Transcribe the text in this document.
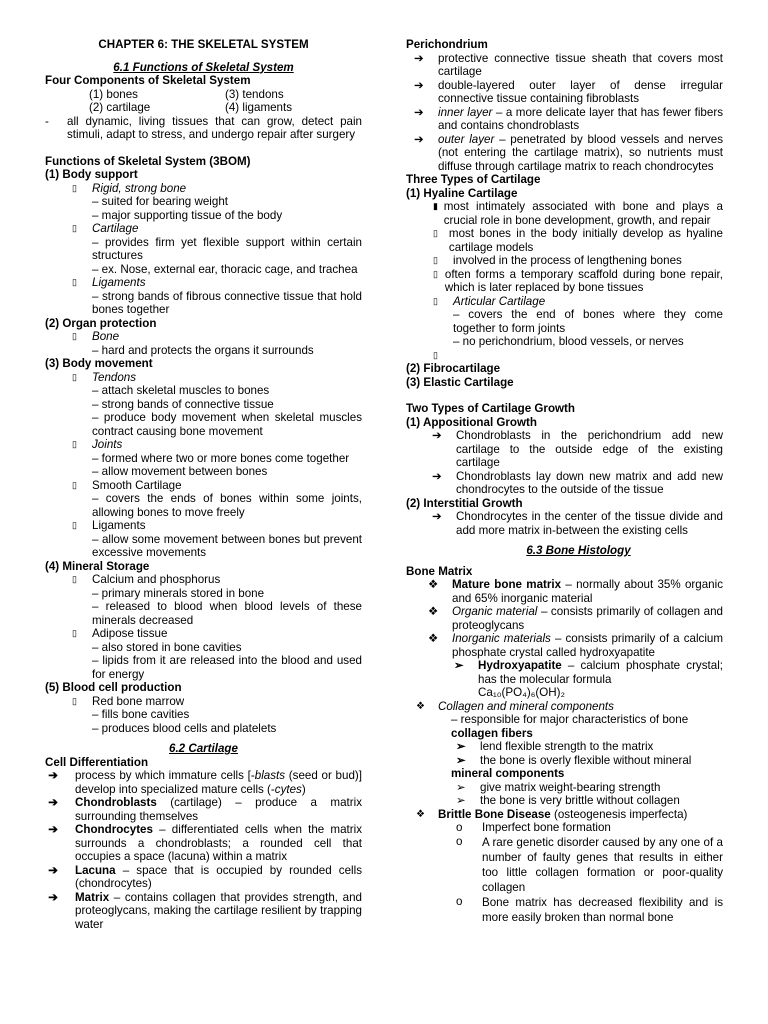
CHAPTER 6: THE SKELETAL SYSTEM
6.1 Functions of Skeletal System
Four Components of Skeletal System
(1) bones	(3) tendons
(2) cartilage	(4) ligaments
-	all dynamic, living tissues that can grow, detect pain stimuli, adapt to stress, and undergo repair after surgery
Functions of Skeletal System (3BOM)
(1) Body support
▯	Rigid, strong bone
– suited for bearing weight
– major supporting tissue of the body
▯	Cartilage
– provides firm yet flexible support within certain structures
– ex. Nose, external ear, thoracic cage, and trachea
▯	Ligaments
– strong bands of fibrous connective tissue that hold bones together
(2) Organ protection
▯	Bone
– hard and protects the organs it surrounds
(3) Body movement
▯	Tendons
– attach skeletal muscles to bones
– strong bands of connective tissue
– produce body movement when skeletal muscles contract causing bone movement
▯	Joints
– formed where two or more bones come together
– allow movement between bones
▯	Smooth Cartilage
– covers the ends of bones within some joints, allowing bones to move freely
▯	Ligaments
– allow some movement between bones but prevent excessive movements
(4) Mineral Storage
▯	Calcium and phosphorus
– primary minerals stored in bone
– released to blood when blood levels of these minerals decreased
▯	Adipose tissue
– also stored in bone cavities
– lipids from it are released into the blood and used for energy
(5) Blood cell production
▯	Red bone marrow
– fills bone cavities
– produces blood cells and platelets
6.2 Cartilage
Cell Differentiation
➔	process by which immature cells [-blasts (seed or bud)] develop into specialized mature cells (-cytes)
➔	Chondroblasts (cartilage) – produce a matrix surrounding themselves
➔	Chondrocytes – differentiated cells when the matrix surrounds a chondroblasts; a rounded cell that occupies a space (lacuna) within a matrix
➔	Lacuna – space that is occupied by rounded cells (chondrocytes)
➔	Matrix – contains collagen that provides strength, and proteoglycans, making the cartilage resilient by trapping water
Perichondrium
➔	protective connective tissue sheath that covers most cartilage
➔	double-layered outer layer of dense irregular connective tissue containing fibroblasts
➔	inner layer – a more delicate layer that has fewer fibers and contains chondroblasts
➔	outer layer – penetrated by blood vessels and nerves (not entering the cartilage matrix), so nutrients must diffuse through cartilage matrix to reach chondrocytes
Three Types of Cartilage
(1) Hyaline Cartilage
▮ most intimately associated with bone and plays a crucial role in bone development, growth, and repair
▯ most bones in the body initially develop as hyaline cartilage models
▯	involved in the process of lengthening bones
▯ often forms a temporary scaffold during bone repair, which is later replaced by bone tissues
▯	Articular Cartilage
– covers the end of bones where they come together to form joints
– no perichondrium, blood vessels, or nerves
▯
(2) Fibrocartilage
(3) Elastic Cartilage
Two Types of Cartilage Growth
(1) Appositional Growth
➔	Chondroblasts in the perichondrium add new cartilage to the outside edge of the existing cartilage
➔	Chondroblasts lay down new matrix and add new chondrocytes to the outside of the tissue
(2) Interstitial Growth
➔	Chondrocytes in the center of the tissue divide and add more matrix in-between the existing cells
6.3 Bone Histology
Bone Matrix
❖	Mature bone matrix – normally about 35% organic and 65% inorganic material
❖	Organic material – consists primarily of collagen and proteoglycans
❖	Inorganic materials – consists primarily of a calcium phosphate crystal called hydroxyapatite
➢	Hydroxyapatite – calcium phosphate crystal; has the molecular formula
Ca₁₀(PO₄)₆(OH)₂
❖	Collagen and mineral components
– responsible for major characteristics of bone
collagen fibers
➢	lend flexible strength to the matrix
➢	the bone is overly flexible without mineral
mineral components
➢	give matrix weight-bearing strength
➢	the bone is very brittle without collagen
❖	Brittle Bone Disease (osteogenesis imperfecta)
o	Imperfect bone formation
o	A rare genetic disorder caused by any one of a number of faulty genes that results in either too little collagen formation or poor-quality collagen
o	Bone matrix has decreased flexibility and is more easily broken than normal bone
